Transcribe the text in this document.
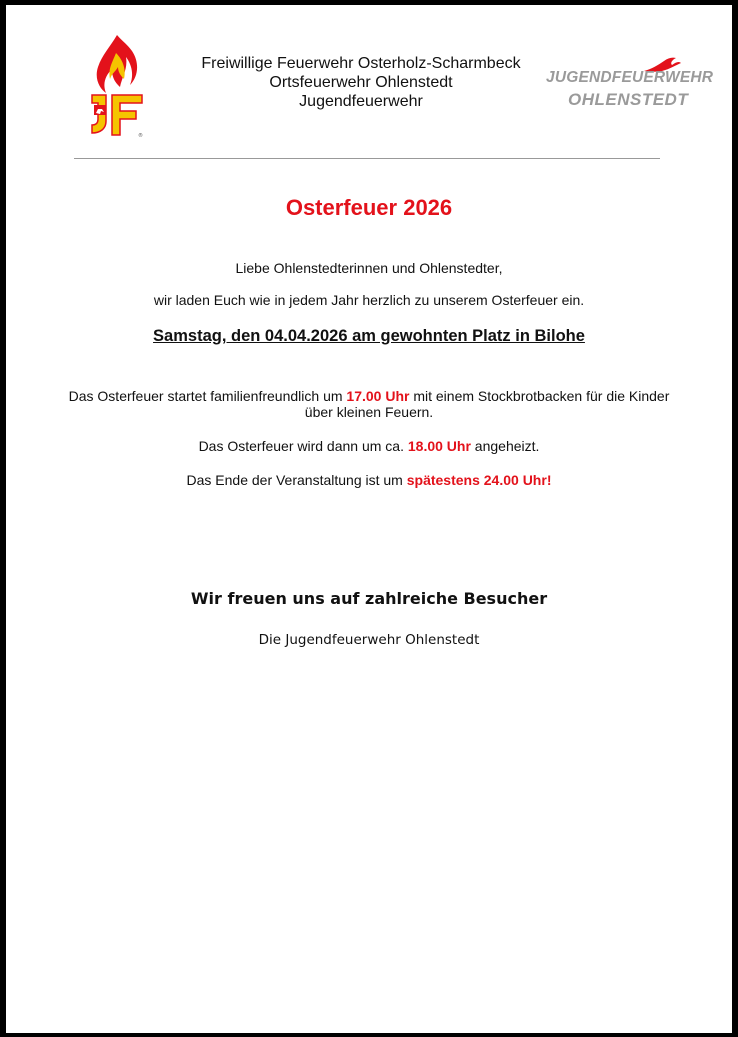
®
Freiwillige Feuerwehr Osterholz-Scharmbeck
Ortsfeuerwehr Ohlenstedt
Jugendfeuerwehr
JUGENDFEUERWEHR
OHLENSTEDT
Osterfeuer 2026
Liebe Ohlenstedterinnen und Ohlenstedter,
wir laden Euch wie in jedem Jahr herzlich zu unserem Osterfeuer ein.
Samstag, den 04.04.2026 am gewohnten Platz in Bilohe
Das Osterfeuer startet familienfreundlich um 17.00 Uhr mit einem Stockbrotbacken für die Kinder über kleinen Feuern.
Das Osterfeuer wird dann um ca. 18.00 Uhr angeheizt.
Das Ende der Veranstaltung ist um spätestens 24.00 Uhr!
Wir freuen uns auf zahlreiche Besucher
Die Jugendfeuerwehr Ohlenstedt
